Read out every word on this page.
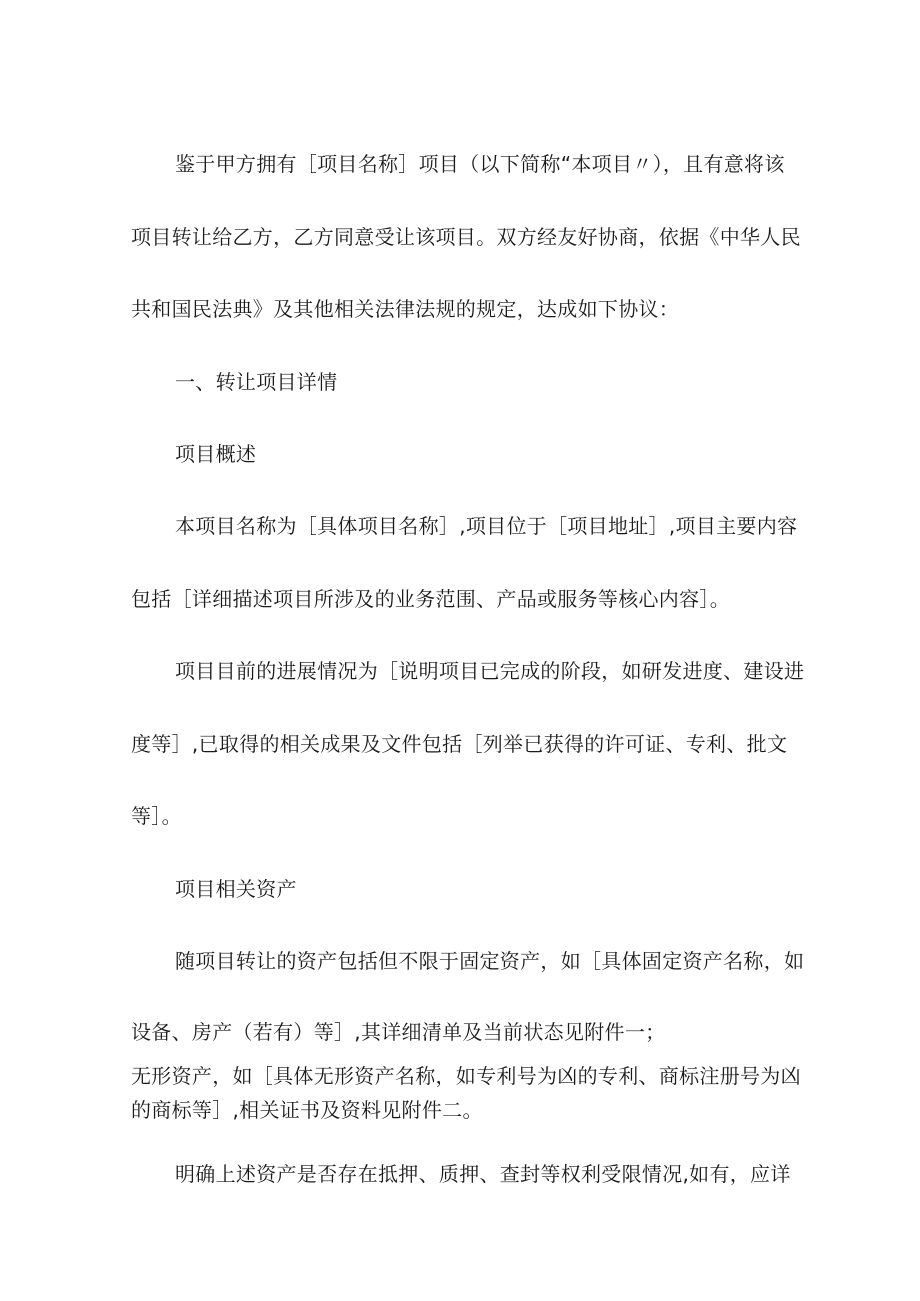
鉴于甲方拥有［项目名称］项目（以下简称“本项目〃），且有意将该
项目转让给乙方，乙方同意受让该项目。双方经友好协商，依据《中华人民
共和国民法典》及其他相关法律法规的规定，达成如下协议：
一、转让项目详情
项目概述
本项目名称为［具体项目名称］,项目位于［项目地址］,项目主要内容
包括［详细描述项目所涉及的业务范围、产品或服务等核心内容］。
项目目前的进展情况为［说明项目已完成的阶段，如研发进度、建设进
度等］,已取得的相关成果及文件包括［列举已获得的许可证、专利、批文
等］。
项目相关资产
随项目转让的资产包括但不限于固定资产，如［具体固定资产名称，如
设备、房产（若有）等］,其详细清单及当前状态见附件一；
无形资产，如［具体无形资产名称，如专利号为凶的专利、商标注册号为凶
的商标等］,相关证书及资料见附件二。
明确上述资产是否存在抵押、质押、查封等权利受限情况,如有，应详
